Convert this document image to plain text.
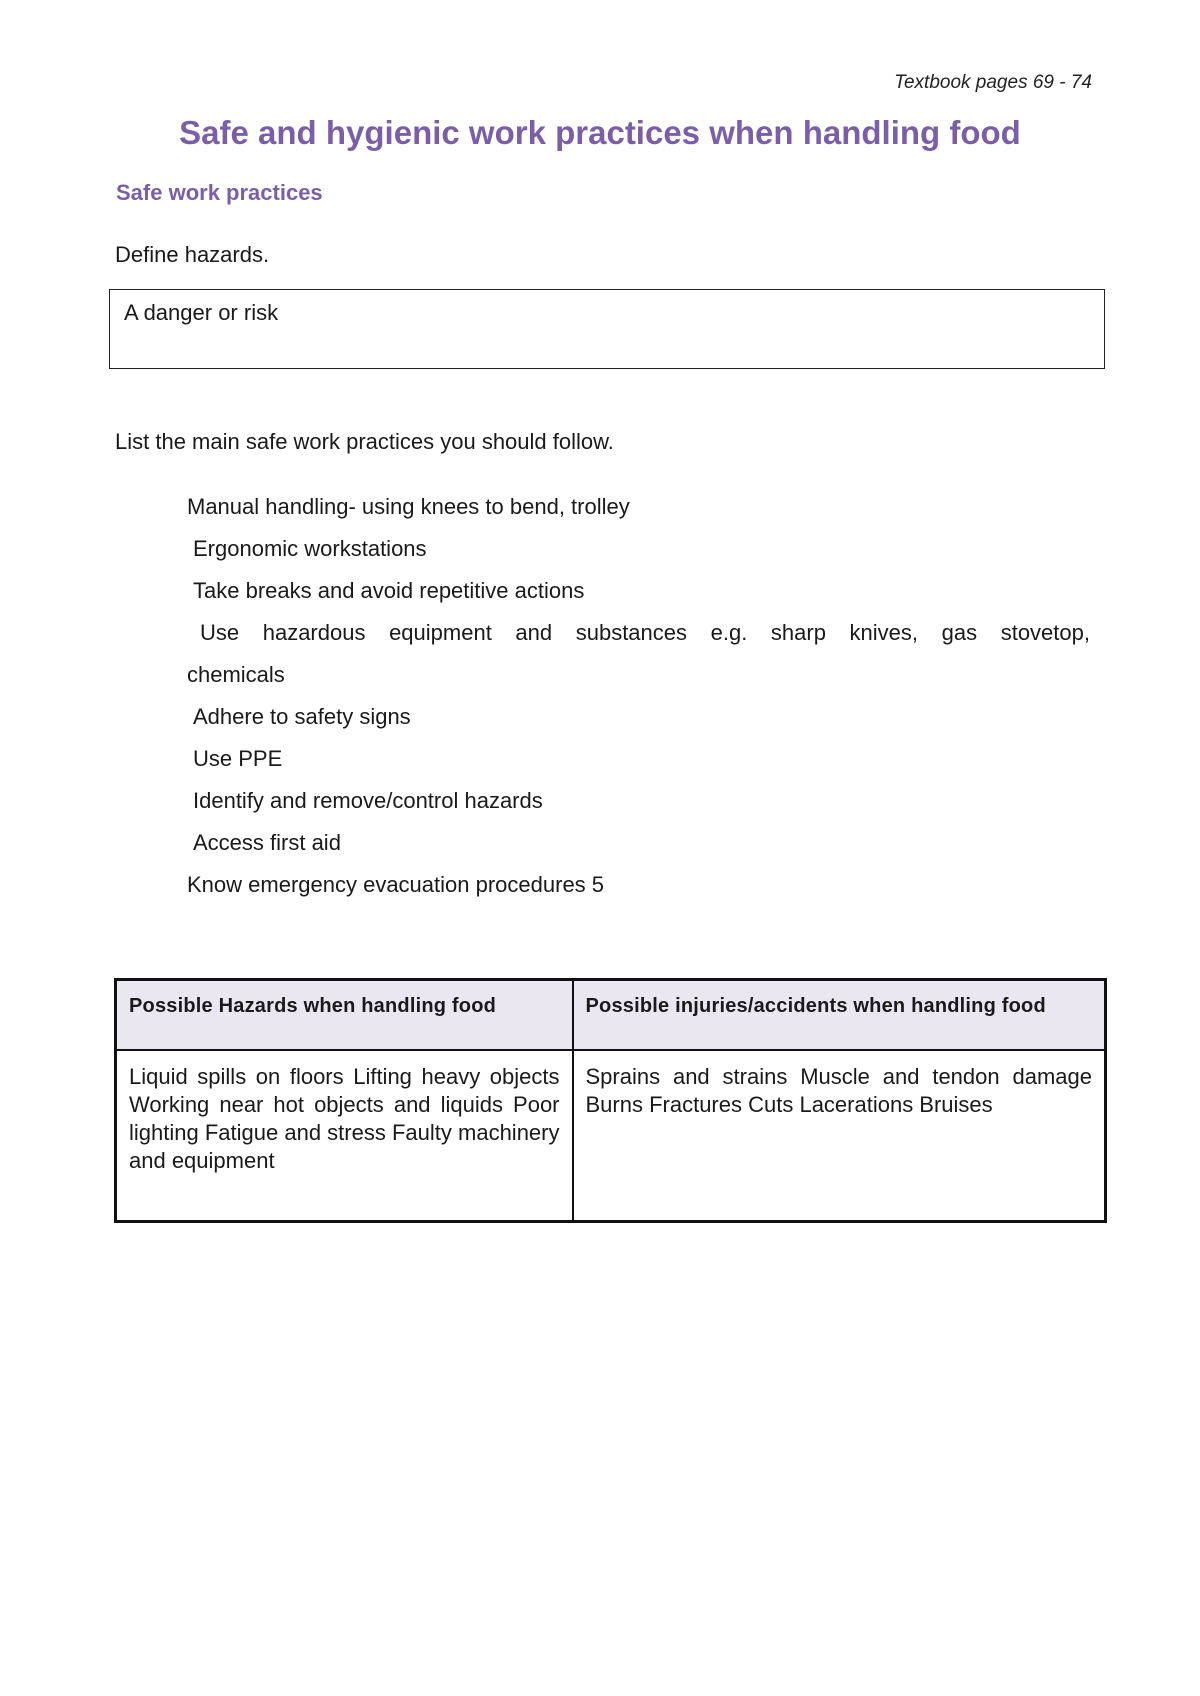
Textbook pages 69 - 74
Safe and hygienic work practices when handling food
Safe work practices
Define hazards.
A danger or risk
List the main safe work practices you should follow.
Manual handling- using knees to bend, trolley
Ergonomic workstations
Take breaks and avoid repetitive actions
Use hazardous equipment and substances e.g. sharp knives, gas stovetop,
chemicals
Adhere to safety signs
Use PPE
Identify and remove/control hazards
Access first aid
Know emergency evacuation procedures 5
Possible Hazards when handling food	Possible injuries/accidents when handling food
Liquid spills on floors Lifting heavy objects Working near hot objects and liquids Poor lighting Fatigue and stress Faulty machinery and equipment	Sprains and strains Muscle and tendon damage Burns Fractures Cuts Lacerations Bruises
